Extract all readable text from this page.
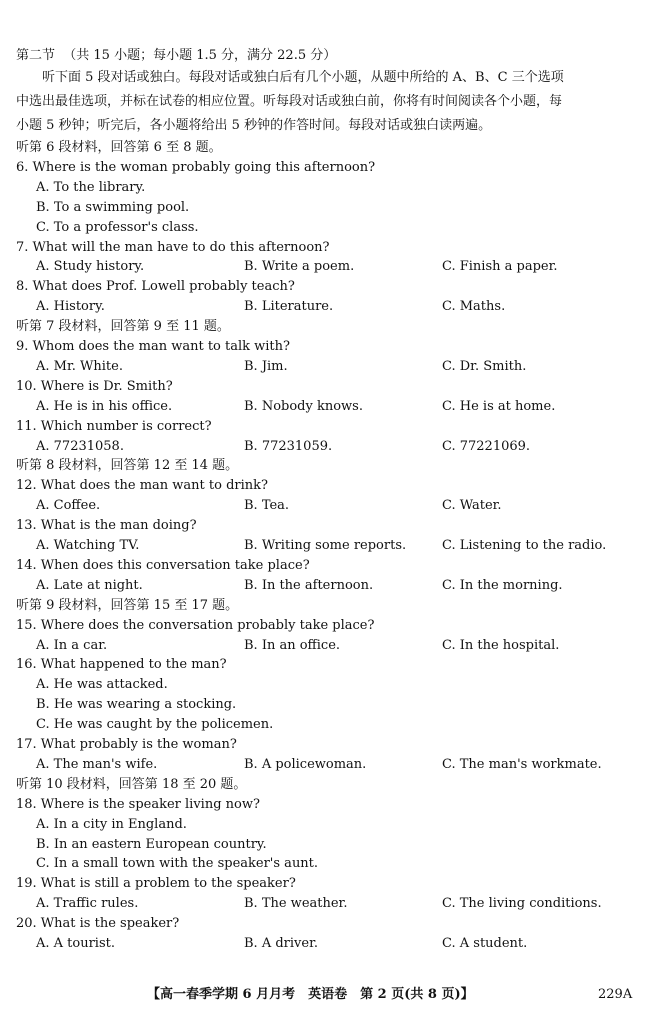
第二节 （共 15 小题；每小题 1.5 分，满分 22.5 分）
听下面 5 段对话或独白。每段对话或独白后有几个小题，从题中所给的 A、B、C 三个选项
中选出最佳选项，并标在试卷的相应位置。听每段对话或独白前，你将有时间阅读各个小题，每
小题 5 秒钟；听完后，各小题将给出 5 秒钟的作答时间。每段对话或独白读两遍。
听第 6 段材料，回答第 6 至 8 题。
6. Where is the woman probably going this afternoon?
A. To the library.
B. To a swimming pool.
C. To a professor's class.
7. What will the man have to do this afternoon?
A. Study history.	B. Write a poem.	C. Finish a paper.
8. What does Prof. Lowell probably teach?
A. History.	B. Literature.	C. Maths.
听第 7 段材料，回答第 9 至 11 题。
9. Whom does the man want to talk with?
A. Mr. White.	B. Jim.	C. Dr. Smith.
10. Where is Dr. Smith?
A. He is in his office.	B. Nobody knows.	C. He is at home.
11. Which number is correct?
A. 77231058.	B. 77231059.	C. 77221069.
听第 8 段材料，回答第 12 至 14 题。
12. What does the man want to drink?
A. Coffee.	B. Tea.	C. Water.
13. What is the man doing?
A. Watching TV.	B. Writing some reports.	C. Listening to the radio.
14. When does this conversation take place?
A. Late at night.	B. In the afternoon.	C. In the morning.
听第 9 段材料，回答第 15 至 17 题。
15. Where does the conversation probably take place?
A. In a car.	B. In an office.	C. In the hospital.
16. What happened to the man?
A. He was attacked.
B. He was wearing a stocking.
C. He was caught by the policemen.
17. What probably is the woman?
A. The man's wife.	B. A policewoman.	C. The man's workmate.
听第 10 段材料，回答第 18 至 20 题。
18. Where is the speaker living now?
A. In a city in England.
B. In an eastern European country.
C. In a small town with the speaker's aunt.
19. What is still a problem to the speaker?
A. Traffic rules.	B. The weather.	C. The living conditions.
20. What is the speaker?
A. A tourist.	B. A driver.	C. A student.
【高一春季学期 6 月月考　英语卷　第 2 页(共 8 页)】	229A
